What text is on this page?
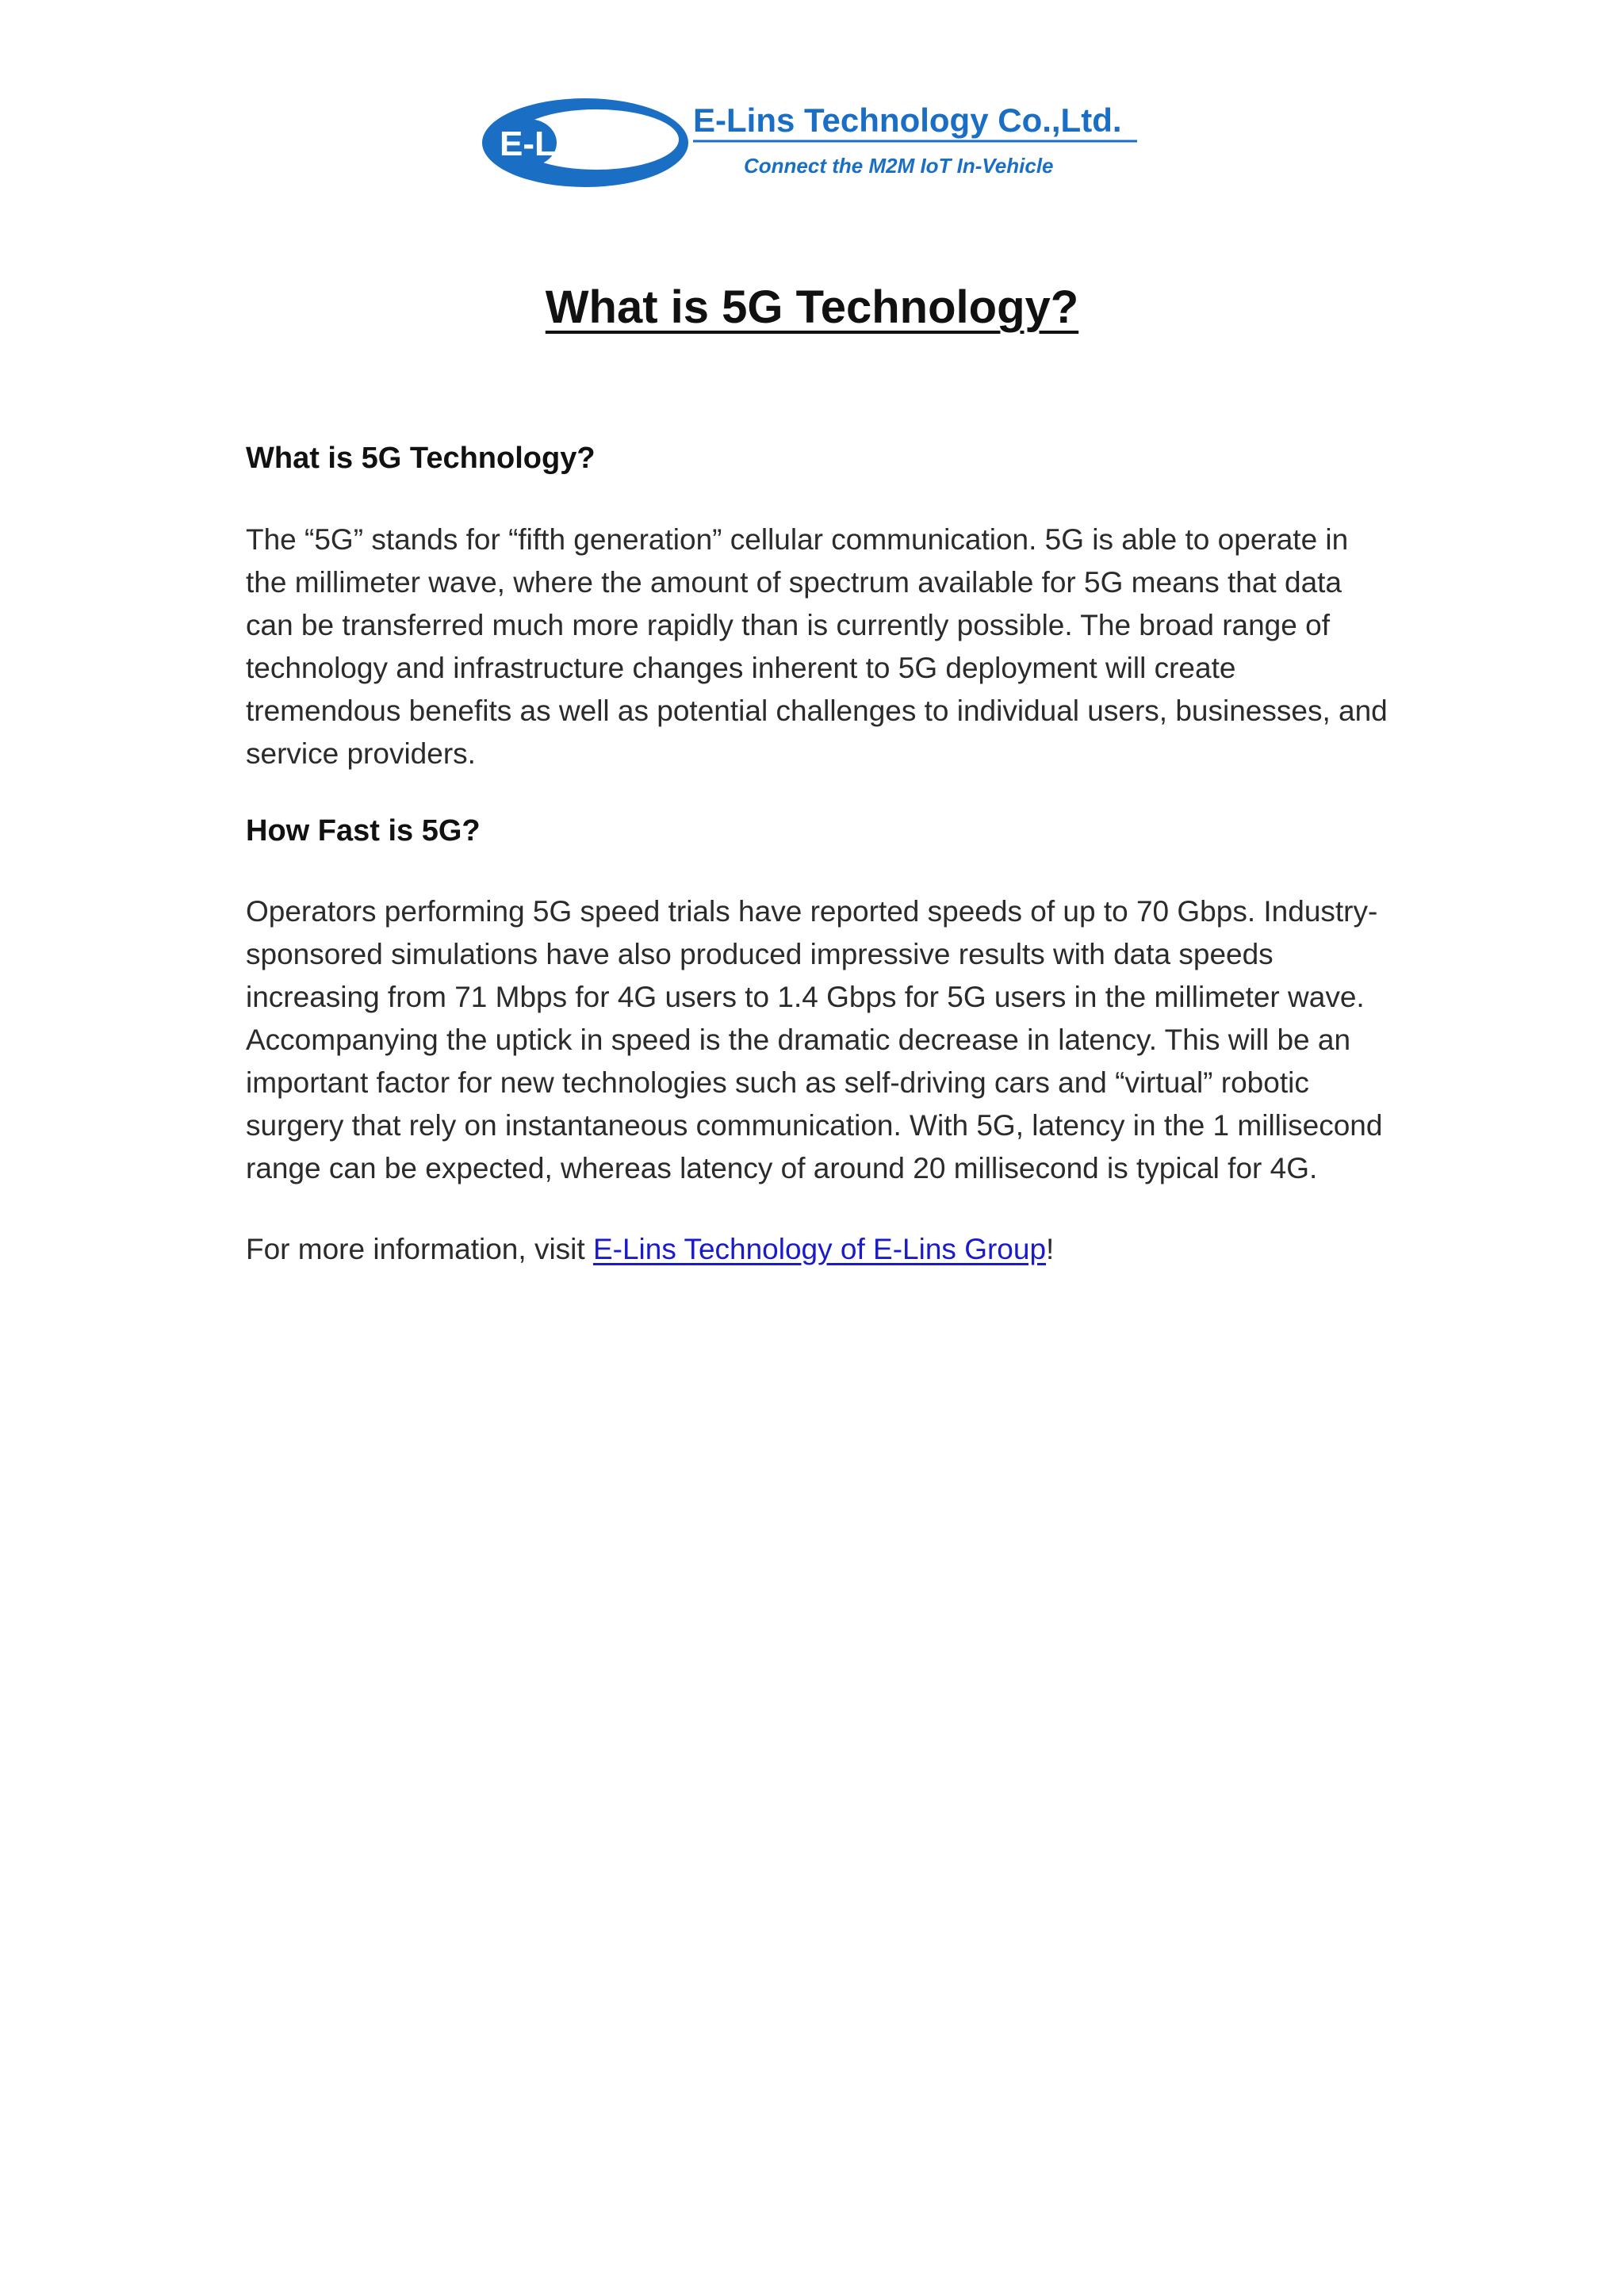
E-Lins
E-Lins Technology Co.,Ltd.
Connect the M2M IoT In-Vehicle
What is 5G Technology?
What is 5G Technology?

The “5G” stands for “fifth generation” cellular communication. 5G is able to operate in the millimeter wave, where the amount of spectrum available for 5G means that data can be transferred much more rapidly than is currently possible. The broad range of technology and infrastructure changes inherent to 5G deployment will create tremendous benefits as well as potential challenges to individual users, businesses, and service providers.

How Fast is 5G?

Operators performing 5G speed trials have reported speeds of up to 70 Gbps. Industry-sponsored simulations have also produced impressive results with data speeds increasing from 71 Mbps for 4G users to 1.4 Gbps for 5G users in the millimeter wave. Accompanying the uptick in speed is the dramatic decrease in latency. This will be an important factor for new technologies such as self-driving cars and “virtual” robotic surgery that rely on instantaneous communication. With 5G, latency in the 1 millisecond range can be expected, whereas latency of around 20 millisecond is typical for 4G.

For more information, visit E-Lins Technology of E-Lins Group!
